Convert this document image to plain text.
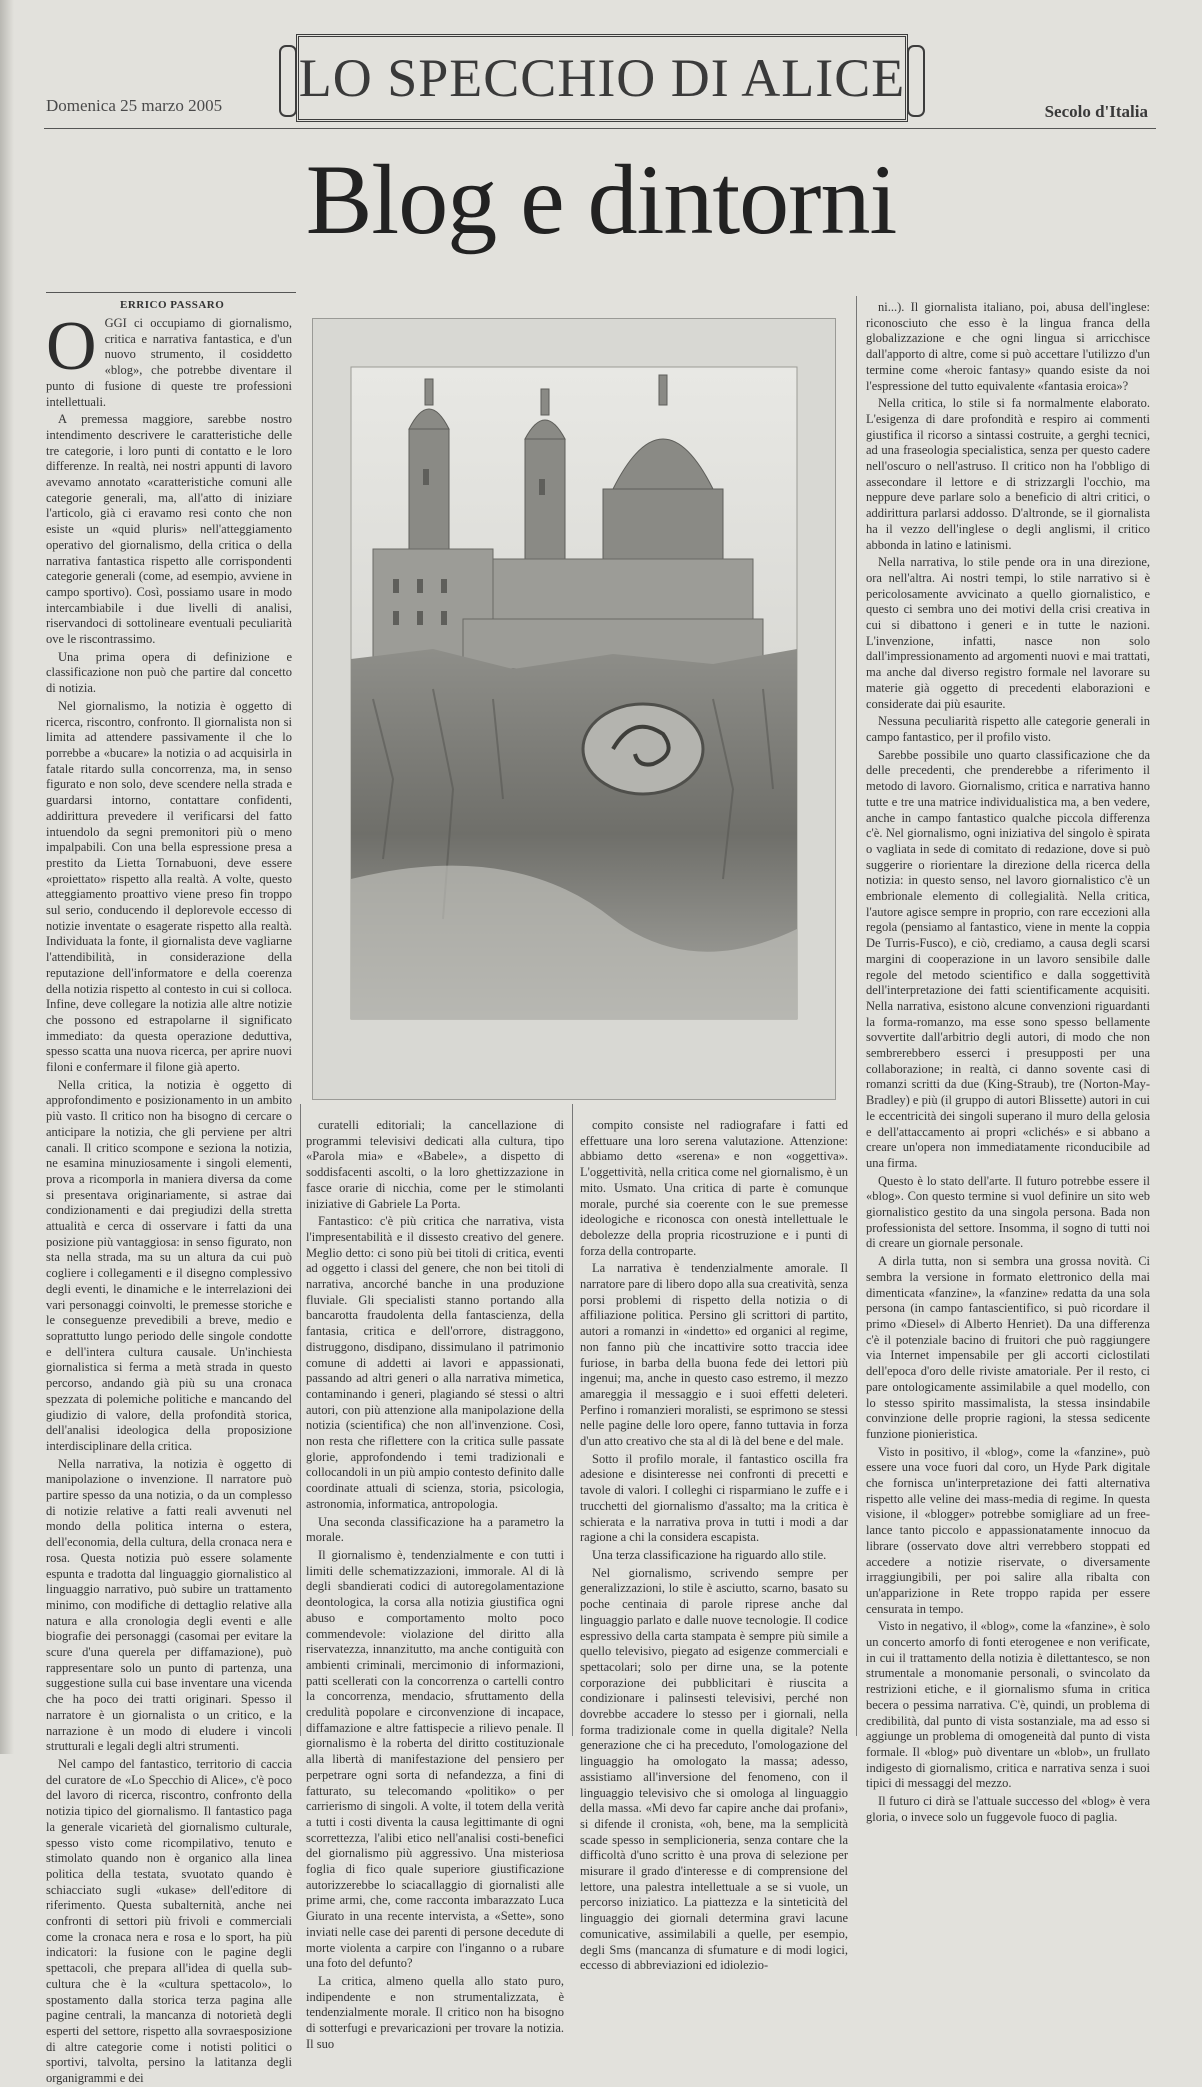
Domenica 25 marzo 2005 LO SPECCHIO DI ALICE
Secolo d'Italia
Blog e dintorni
ERRICO PASSARO

O GGI ci occupiamo di giornalismo, critica e narrativa fantastica, e d'un nuovo strumento, il cosiddetto «blog», che potrebbe diventare il punto di fusione di queste tre professioni intellettuali.

A premessa maggiore, sarebbe nostro intendimento descrivere le caratteristiche delle tre categorie, i loro punti di contatto e le loro differenze. In realtà, nei nostri appunti di lavoro avevamo annotato «caratteristiche comuni alle categorie generali, ma, all'atto di iniziare l'articolo, già ci eravamo resi conto che non esiste un «quid pluris» nell'atteggiamento operativo del giornalismo, della critica o della narrativa fantastica rispetto alle corrispondenti categorie generali (come, ad esempio, avviene in campo sportivo). Così, possiamo usare in modo intercambiabile i due livelli di analisi, riservandoci di sottolineare eventuali peculiarità ove le riscontrassimo.

Una prima opera di definizione e classificazione non può che partire dal concetto di notizia.

Nel giornalismo, la notizia è oggetto di ricerca, riscontro, confronto. Il giornalista non si limita ad attendere passivamente il che lo porrebbe a «bucare» la notizia o ad acquisirla in fatale ritardo sulla concorrenza, ma, in senso figurato e non solo, deve scendere nella strada e guardarsi intorno, contattare confidenti, addirittura prevedere il verificarsi del fatto intuendolo da segni premonitori più o meno impalpabili. Con una bella espressione presa a prestito da Lietta Tornabuoni, deve essere «proiettato» rispetto alla realtà. A volte, questo atteggiamento proattivo viene preso fin troppo sul serio, conducendo il deplorevole eccesso di notizie inventate o esagerate rispetto alla realtà. Individuata la fonte, il giornalista deve vagliarne l'attendibilità, in considerazione della reputazione dell'informatore e della coerenza della notizia rispetto al contesto in cui si colloca. Infine, deve collegare la notizia alle altre notizie che possono ed estrapolarne il significato immediato: da questa operazione deduttiva, spesso scatta una nuova ricerca, per aprire nuovi filoni e confermare il filone già aperto.

Nella critica, la notizia è oggetto di approfondimento e posizionamento in un ambito più vasto. Il critico non ha bisogno di cercare o anticipare la notizia, che gli perviene per altri canali. Il critico scompone e seziona la notizia, ne esamina minuziosamente i singoli elementi, prova a ricomporla in maniera diversa da come si presentava originariamente, si astrae dai condizionamenti e dai pregiudizi della stretta attualità e cerca di osservare i fatti da una posizione più vantaggiosa: in senso figurato, non sta nella strada, ma su un altura da cui può cogliere i collegamenti e il disegno complessivo degli eventi, le dinamiche e le interrelazioni dei vari personaggi coinvolti, le premesse storiche e le conseguenze prevedibili a breve, medio e soprattutto lungo periodo delle singole condotte e dell'intera cultura causale. Un'inchiesta giornalistica si ferma a metà strada in questo percorso, andando già più su una cronaca spezzata di polemiche politiche e mancando del giudizio di valore, della profondità storica, dell'analisi ideologica della proposizione interdisciplinare della critica.

Nella narrativa, la notizia è oggetto di manipolazione o invenzione. Il narratore può partire spesso da una notizia, o da un complesso di notizie relative a fatti reali avvenuti nel mondo della politica interna o estera, dell'economia, della cultura, della cronaca nera e rosa. Questa notizia può essere solamente espunta e tradotta dal linguaggio giornalistico al linguaggio narrativo, può subire un trattamento minimo, con modifiche di dettaglio relative alla natura e alla cronologia degli eventi e alle biografie dei personaggi (casomai per evitare la scure d'una querela per diffamazione), può rappresentare solo un punto di partenza, una suggestione sulla cui base inventare una vicenda che ha poco dei tratti originari. Spesso il narratore è un giornalista o un critico, e la narrazione è un modo di eludere i vincoli strutturali e legali degli altri strumenti.

Nel campo del fantastico, territorio di caccia del curatore de «Lo Specchio di Alice», c'è poco del lavoro di ricerca, riscontro, confronto della notizia tipico del giornalismo. Il fantastico paga la generale vicarietà del giornalismo culturale, spesso visto come ricompilativo, tenuto e stimolato quando non è organico alla linea politica della testata, svuotato quando è schiacciato sugli «ukase» dell'editore di riferimento. Questa subalternità, anche nei confronti di settori più frivoli e commerciali come la cronaca nera e rosa e lo sport, ha più indicatori: la fusione con le pagine degli spettacoli, che prepara all'idea di quella sub-cultura che è la «cultura spettacolo», lo spostamento dalla storica terza pagina alle pagine centrali, la mancanza di notorietà degli esperti del settore, rispetto alla sovraesposizione di altre categorie come i notisti politici o sportivi, talvolta, persino la latitanza degli organigrammi e dei

curatelli editoriali; la cancellazione di programmi televisivi dedicati alla cultura, tipo «Parola mia» e «Babele», a dispetto di soddisfacenti ascolti, o la loro ghettizzazione in fasce orarie di nicchia, come per le stimolanti iniziative di Gabriele La Porta.

Fantastico: c'è più critica che narrativa, vista l'impresentabilità e il dissesto creativo del genere. Meglio detto: ci sono più bei titoli di critica, eventi ad oggetto i classi del genere, che non bei titoli di narrativa, ancorché banche in una produzione fluviale. Gli specialisti stanno portando alla bancarotta fraudolenta della fantascienza, della fantasia, critica e dell'orrore, distraggono, distruggono, disdipano, dissimulano il patrimonio comune di addetti ai lavori e appassionati, passando ad altri generi o alla narrativa mimetica, contaminando i generi, plagiando sé stessi o altri autori, con più attenzione alla manipolazione della notizia (scientifica) che non all'invenzione. Così, non resta che riflettere con la critica sulle passate glorie, approfondendo i temi tradizionali e collocandoli in un più ampio contesto definito dalle coordinate attuali di scienza, storia, psicologia, astronomia, informatica, antropologia.

Una seconda classificazione ha a parametro la morale.

Il giornalismo è, tendenzialmente e con tutti i limiti delle schematizzazioni, immorale. Al di là degli sbandierati codici di autoregolamentazione deontologica, la corsa alla notizia giustifica ogni abuso e comportamento molto poco commendevole: violazione del diritto alla riservatezza, innanzitutto, ma anche contiguità con ambienti criminali, mercimonio di informazioni, patti scellerati con la concorrenza o cartelli contro la concorrenza, mendacio, sfruttamento della credulità popolare e circonvenzione di incapace, diffamazione e altre fattispecie a rilievo penale. Il giornalismo è la roberta del diritto costituzionale alla libertà di manifestazione del pensiero per perpetrare ogni sorta di nefandezza, a fini di fatturato, su telecomando «politiko» o per carrierismo di singoli. A volte, il totem della verità a tutti i costi diventa la causa legittimante di ogni scorrettezza, l'alibi etico nell'analisi costi-benefici del giornalismo più aggressivo. Una misteriosa foglia di fico quale superiore giustificazione autorizzerebbe lo sciacallaggio di giornalisti alle prime armi, che, come racconta imbarazzato Luca Giurato in una recente intervista, a «Sette», sono inviati nelle case dei parenti di persone decedute di morte violenta a carpire con l'inganno o a rubare una foto del defunto?

La critica, almeno quella allo stato puro, indipendente e non strumentalizzata, è tendenzialmente morale. Il critico non ha bisogno di sotterfugi e prevaricazioni per trovare la notizia. Il suo

compito consiste nel radiografare i fatti ed effettuare una loro serena valutazione. Attenzione: abbiamo detto «serena» e non «oggettiva». L'oggettività, nella critica come nel giornalismo, è un mito. Usmato. Una critica di parte è comunque morale, purché sia coerente con le sue premesse ideologiche e riconosca con onestà intellettuale le debolezze della propria ricostruzione e i punti di forza della controparte.

La narrativa è tendenzialmente amorale. Il narratore pare di libero dopo alla sua creatività, senza porsi problemi di rispetto della notizia o di affiliazione politica. Persino gli scrittori di partito, autori a romanzi in «indetto» ed organici al regime, non fanno più che incattivire sotto traccia idee furiose, in barba della buona fede dei lettori più ingenui; ma, anche in questo caso estremo, il mezzo amareggia il messaggio e i suoi effetti deleteri. Perfino i romanzieri moralisti, se esprimono se stessi nelle pagine delle loro opere, fanno tuttavia in forza d'un atto creativo che sta al di là del bene e del male.

Sotto il profilo morale, il fantastico oscilla fra adesione e disinteresse nei confronti di precetti e tavole di valori. I colleghi ci risparmiano le zuffe e i trucchetti del giornalismo d'assalto; ma la critica è schierata e la narrativa prova in tutti i modi a dar ragione a chi la considera escapista.

Una terza classificazione ha riguardo allo stile.

Nel giornalismo, scrivendo sempre per generalizzazioni, lo stile è asciutto, scarno, basato su poche centinaia di parole riprese anche dal linguaggio parlato e dalle nuove tecnologie. Il codice espressivo della carta stampata è sempre più simile a quello televisivo, piegato ad esigenze commerciali e spettacolari; solo per dirne una, se la potente corporazione dei pubblicitari è riuscita a condizionare i palinsesti televisivi, perché non dovrebbe accadere lo stesso per i giornali, nella forma tradizionale come in quella digitale? Nella generazione che ci ha preceduto, l'omologazione del linguaggio ha omologato la massa; adesso, assistiamo all'inversione del fenomeno, con il linguaggio televisivo che si omologa al linguaggio della massa. «Mi devo far capire anche dai profani», si difende il cronista, «oh, bene, ma la semplicità scade spesso in semplicioneria, senza contare che la difficoltà d'uno scritto è una prova di selezione per misurare il grado d'interesse e di comprensione del lettore, una palestra intellettuale a se si vuole, un percorso iniziatico. La piattezza e la sinteticità del linguaggio dei giornali determina gravi lacune comunicative, assimilabili a quelle, per esempio, degli Sms (mancanza di sfumature e di modi logici, eccesso di abbreviazioni ed idiolezio-

ni...). Il giornalista italiano, poi, abusa dell'inglese: riconosciuto che esso è la lingua franca della globalizzazione e che ogni lingua si arricchisce dall'apporto di altre, come si può accettare l'utilizzo d'un termine come «heroic fantasy» quando esiste da noi l'espressione del tutto equivalente «fantasia eroica»?

Nella critica, lo stile si fa normalmente elaborato. L'esigenza di dare profondità e respiro ai commenti giustifica il ricorso a sintassi costruite, a gerghi tecnici, ad una fraseologia specialistica, senza per questo cadere nell'oscuro o nell'astruso. Il critico non ha l'obbligo di assecondare il lettore e di strizzargli l'occhio, ma neppure deve parlare solo a beneficio di altri critici, o addirittura parlarsi addosso. D'altronde, se il giornalista ha il vezzo dell'inglese o degli anglismi, il critico abbonda in latino e latinismi.

Nella narrativa, lo stile pende ora in una direzione, ora nell'altra. Ai nostri tempi, lo stile narrativo si è pericolosamente avvicinato a quello giornalistico, e questo ci sembra uno dei motivi della crisi creativa in cui si dibattono i generi e in tutte le nazioni. L'invenzione, infatti, nasce non solo dall'impressionamento ad argomenti nuovi e mai trattati, ma anche dal diverso registro formale nel lavorare su materie già oggetto di precedenti elaborazioni e considerate dai più esaurite.

Nessuna peculiarità rispetto alle categorie generali in campo fantastico, per il profilo visto.

Sarebbe possibile uno quarto classificazione che da delle precedenti, che prenderebbe a riferimento il metodo di lavoro. Giornalismo, critica e narrativa hanno tutte e tre una matrice individualistica ma, a ben vedere, anche in campo fantastico qualche piccola differenza c'è. Nel giornalismo, ogni iniziativa del singolo è spirata o vagliata in sede di comitato di redazione, dove si può suggerire o riorientare la direzione della ricerca della notizia: in questo senso, nel lavoro giornalistico c'è un embrionale elemento di collegialità. Nella critica, l'autore agisce sempre in proprio, con rare eccezioni alla regola (pensiamo al fantastico, viene in mente la coppia De Turris-Fusco), e ciò, crediamo, a causa degli scarsi margini di cooperazione in un lavoro sensibile dalle regole del metodo scientifico e dalla soggettività dell'interpretazione dei fatti scientificamente acquisiti. Nella narrativa, esistono alcune convenzioni riguardanti la forma-romanzo, ma esse sono spesso bellamente sovvertite dall'arbitrio degli autori, di modo che non sembrerebbero esserci i presupposti per una collaborazione; in realtà, ci danno sovente casi di romanzi scritti da due (King-Straub), tre (Norton-May-Bradley) e più (il gruppo di autori Blissette) autori in cui le eccentricità dei singoli superano il muro della gelosia e dell'attaccamento ai propri «clichés» e si abbano a creare un'opera non immediatamente riconducibile ad una firma.

Questo è lo stato dell'arte. Il futuro potrebbe essere il «blog». Con questo termine si vuol definire un sito web giornalistico gestito da una singola persona. Bada non professionista del settore. Insomma, il sogno di tutti noi di creare un giornale personale.

A dirla tutta, non si sembra una grossa novità. Ci sembra la versione in formato elettronico della mai dimenticata «fanzine», la «fanzine» redatta da una sola persona (in campo fantascientifico, si può ricordare il primo «Diesel» di Alberto Henriet). Da una differenza c'è il potenziale bacino di fruitori che può raggiungere via Internet impensabile per gli accorti ciclostilati dell'epoca d'oro delle riviste amatoriale. Per il resto, ci pare ontologicamente assimilabile a quel modello, con lo stesso spirito massimalista, la stessa insindabile convinzione delle proprie ragioni, la stessa sedicente funzione pionieristica.

Visto in positivo, il «blog», come la «fanzine», può essere una voce fuori dal coro, un Hyde Park digitale che fornisca un'interpretazione dei fatti alternativa rispetto alle veline dei mass-media di regime. In questa visione, il «blogger» potrebbe somigliare ad un free-lance tanto piccolo e appassionatamente innocuo da librare (osservato dove altri verrebbero stoppati ed accedere a notizie riservate, o diversamente irraggiungibili, per poi salire alla ribalta con un'apparizione in Rete troppo rapida per essere censurata in tempo.

Visto in negativo, il «blog», come la «fanzine», è solo un concerto amorfo di fonti eterogenee e non verificate, in cui il trattamento della notizia è dilettantesco, se non strumentale a monomanie personali, o svincolato da restrizioni etiche, e il giornalismo sfuma in critica becera o pessima narrativa. C'è, quindi, un problema di credibilità, dal punto di vista sostanziale, ma ad esso si aggiunge un problema di omogeneità dal punto di vista formale. Il «blog» può diventare un «blob», un frullato indigesto di giornalismo, critica e narrativa senza i suoi tipici di messaggi del mezzo.

Il futuro ci dirà se l'attuale successo del «blog» è vera gloria, o invece solo un fuggevole fuoco di paglia.
